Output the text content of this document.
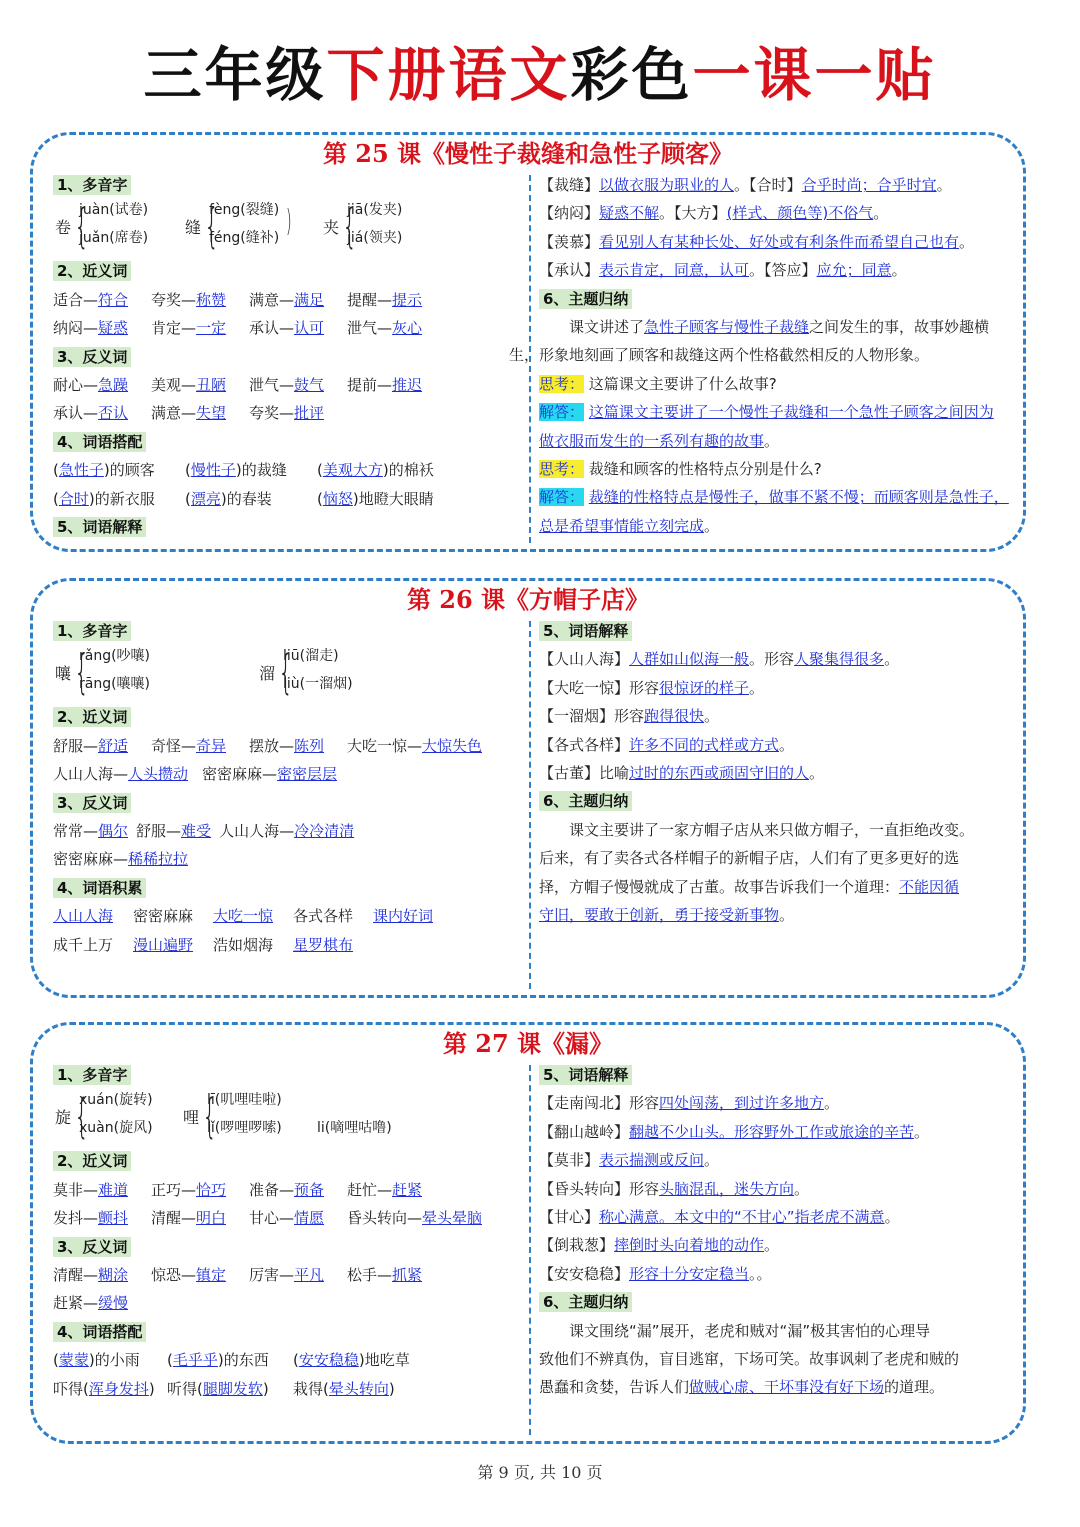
三年级下册语文彩色一课一贴
第 25 课《慢性子裁缝和急性子顾客》
1、多音字
卷 {
juàn(试卷)
juǎn(席卷)
缝 {
fèng(裂缝)
féng(缝补) ) 夹 {
jiā(发夹)
jiá(领夹)
2、近义词
适合—符合 夸奖—称赞 满意—满足 提醒—提示
纳闷—疑惑 肯定—一定 承认—认可 泄气—灰心
3、反义词
耐心—急躁 美观—丑陋 泄气—鼓气 提前—推迟
承认—否认 满意—失望 夸奖—批评
4、词语搭配
(急性子)的顾客 (慢性子)的裁缝 (美观大方)的棉袄
(合时)的新衣服 (漂亮)的春装	(恼怒)地瞪大眼睛
5、词语解释
【裁缝】以做衣服为职业的人。【合时】合乎时尚；合乎时宜。
【纳闷】疑惑不解。【大方】(样式、颜色等)不俗气。
【羡慕】看见别人有某种长处、好处或有利条件而希望自己也有。
【承认】表示肯定，同意，认可。【答应】应允；同意。
6、主题归纳
课文讲述了急性子顾客与慢性子裁缝之间发生的事，故事妙趣横
生，形象地刻画了顾客和裁缝这两个性格截然相反的人物形象。
思考： 这篇课文主要讲了什么故事?
解答： 这篇课文主要讲了一个慢性子裁缝和一个急性子顾客之间因为
做衣服而发生的一系列有趣的故事。
思考： 裁缝和顾客的性格特点分别是什么?
解答： 裁缝的性格特点是慢性子，做事不紧不慢；而顾客则是急性子，
总是希望事情能立刻完成。
第 26 课《方帽子店》
1、多音字
嚷 {
rǎng(吵嚷)
rāng(嚷嚷)
溜 {
liū(溜走)
liù(一溜烟)
2、近义词
舒服—舒适 奇怪—奇异 摆放—陈列 大吃一惊—大惊失色
人山人海—人头攒动 密密麻麻—密密层层
3、反义词
常常—偶尔 舒服—难受 人山人海—冷冷清清
密密麻麻—稀稀拉拉
4、词语积累
人山人海 密密麻麻 大吃一惊 各式各样 课内好词
成千上万 漫山遍野 浩如烟海 星罗棋布
5、词语解释
【人山人海】人群如山似海一般。形容人聚集得很多。
【大吃一惊】形容很惊讶的样子。
【一溜烟】形容跑得很快。
【各式各样】许多不同的式样或方式。
【古董】比喻过时的东西或顽固守旧的人。
6、主题归纳
课文主要讲了一家方帽子店从来只做方帽子，一直拒绝改变。
后来，有了卖各式各样帽子的新帽子店，人们有了更多更好的选
择，方帽子慢慢就成了古董。故事告诉我们一个道理：不能因循
守旧，要敢于创新，勇于接受新事物。
第 27 课《漏》
1、多音字
旋 {
xuán(旋转)
xuàn(旋风)
哩 {
lī(叽哩哇啦)
lǐ(啰哩啰嗦)	li(嘀哩咕噜)
2、近义词
莫非—难道 正巧—恰巧 准备—预备 赶忙—赶紧
发抖—颤抖 清醒—明白 甘心—情愿 昏头转向—晕头晕脑
3、反义词
清醒—糊涂 惊恐—镇定 厉害—平凡 松手—抓紧
赶紧—缓慢
4、词语搭配
(蒙蒙)的小雨 (毛乎乎)的东西 (安安稳稳)地吃草
吓得(浑身发抖) 听得(腿脚发软) 栽得(晕头转向)
5、词语解释
【走南闯北】形容四处闯荡，到过许多地方。
【翻山越岭】翻越不少山头。形容野外工作或旅途的辛苦。
【莫非】表示揣测或反问。
【昏头转向】形容头脑混乱，迷失方向。
【甘心】称心满意。本文中的“不甘心”指老虎不满意。
【倒栽葱】摔倒时头向着地的动作。
【安安稳稳】形容十分安定稳当。。
6、主题归纳
课文围绕“漏”展开，老虎和贼对“漏”极其害怕的心理导
致他们不辨真伪，盲目逃窜，下场可笑。故事讽刺了老虎和贼的
愚蠢和贪婪，告诉人们做贼心虚、干坏事没有好下场的道理。
第 9 页, 共 10 页
